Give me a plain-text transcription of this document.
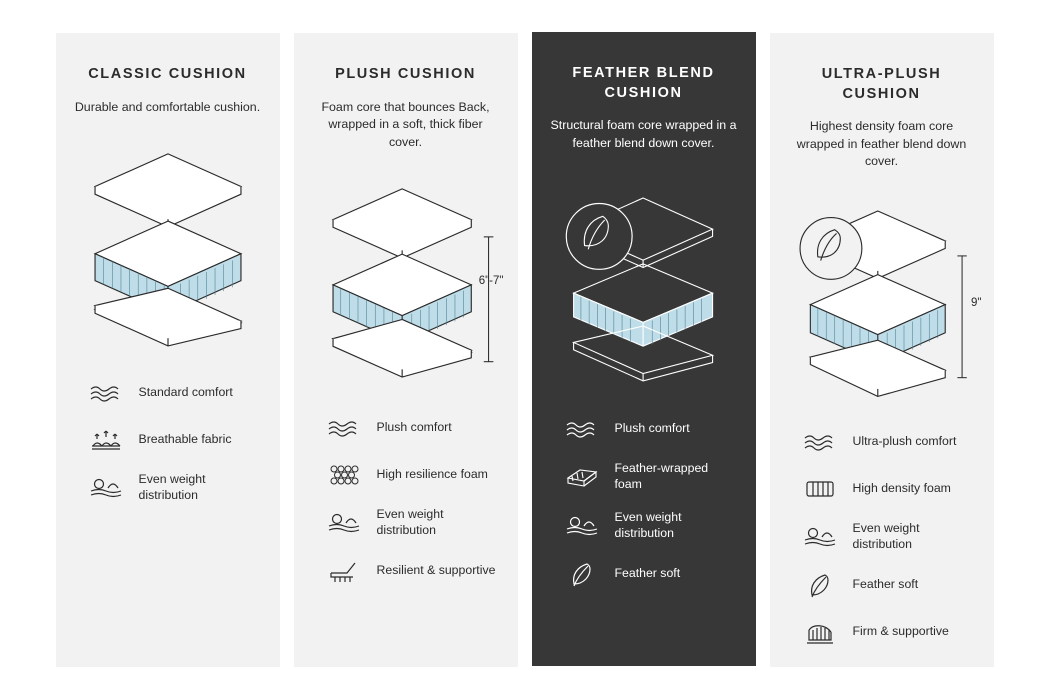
CLASSIC CUSHION
Durable and comfortable cushion.
Standard comfort
Breathable fabric
Even weight distribution
PLUSH CUSHION
Foam core that bounces Back, wrapped in a soft, thick fiber cover.
6"-7"
Plush comfort
High resilience foam
Even weight distribution
Resilient & supportive
FEATHER BLEND CUSHION
Structural foam core wrapped in a feather blend down cover.
Plush comfort
Feather-wrapped foam
Even weight distribution
Feather soft
ULTRA-PLUSH CUSHION
Highest density foam core wrapped in feather blend down cover.
9"
Ultra-plush comfort
High density foam
Even weight distribution
Feather soft
Firm & supportive
